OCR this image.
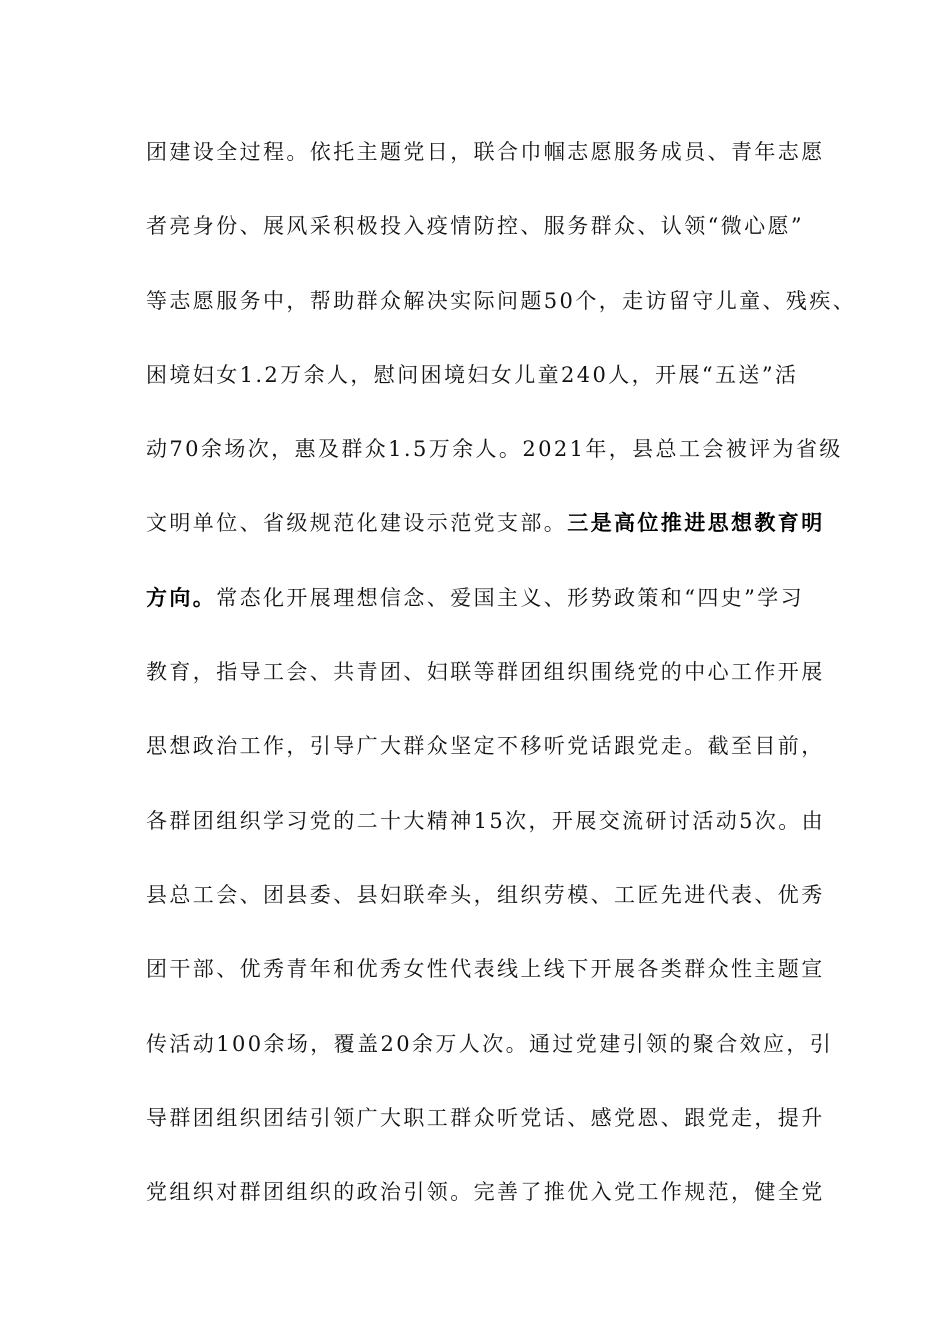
团建设全过程。依托主题党日，联合巾帼志愿服务成员、青年志愿
者亮身份、展风采积极投入疫情防控、服务群众、认领“微心愿”
等志愿服务中，帮助群众解决实际问题50个，走访留守儿童、残疾、
困境妇女1.2万余人，慰问困境妇女儿童240人，开展“五送”活
动70余场次，惠及群众1.5万余人。2021年，县总工会被评为省级
文明单位、省级规范化建设示范党支部。三是高位推进思想教育明
方向。常态化开展理想信念、爱国主义、形势政策和“四史”学习
教育，指导工会、共青团、妇联等群团组织围绕党的中心工作开展
思想政治工作，引导广大群众坚定不移听党话跟党走。截至目前，
各群团组织学习党的二十大精神15次，开展交流研讨活动5次。由
县总工会、团县委、县妇联牵头，组织劳模、工匠先进代表、优秀
团干部、优秀青年和优秀女性代表线上线下开展各类群众性主题宣
传活动100余场，覆盖20余万人次。通过党建引领的聚合效应，引
导群团组织团结引领广大职工群众听党话、感党恩、跟党走，提升
党组织对群团组织的政治引领。完善了推优入党工作规范，健全党
